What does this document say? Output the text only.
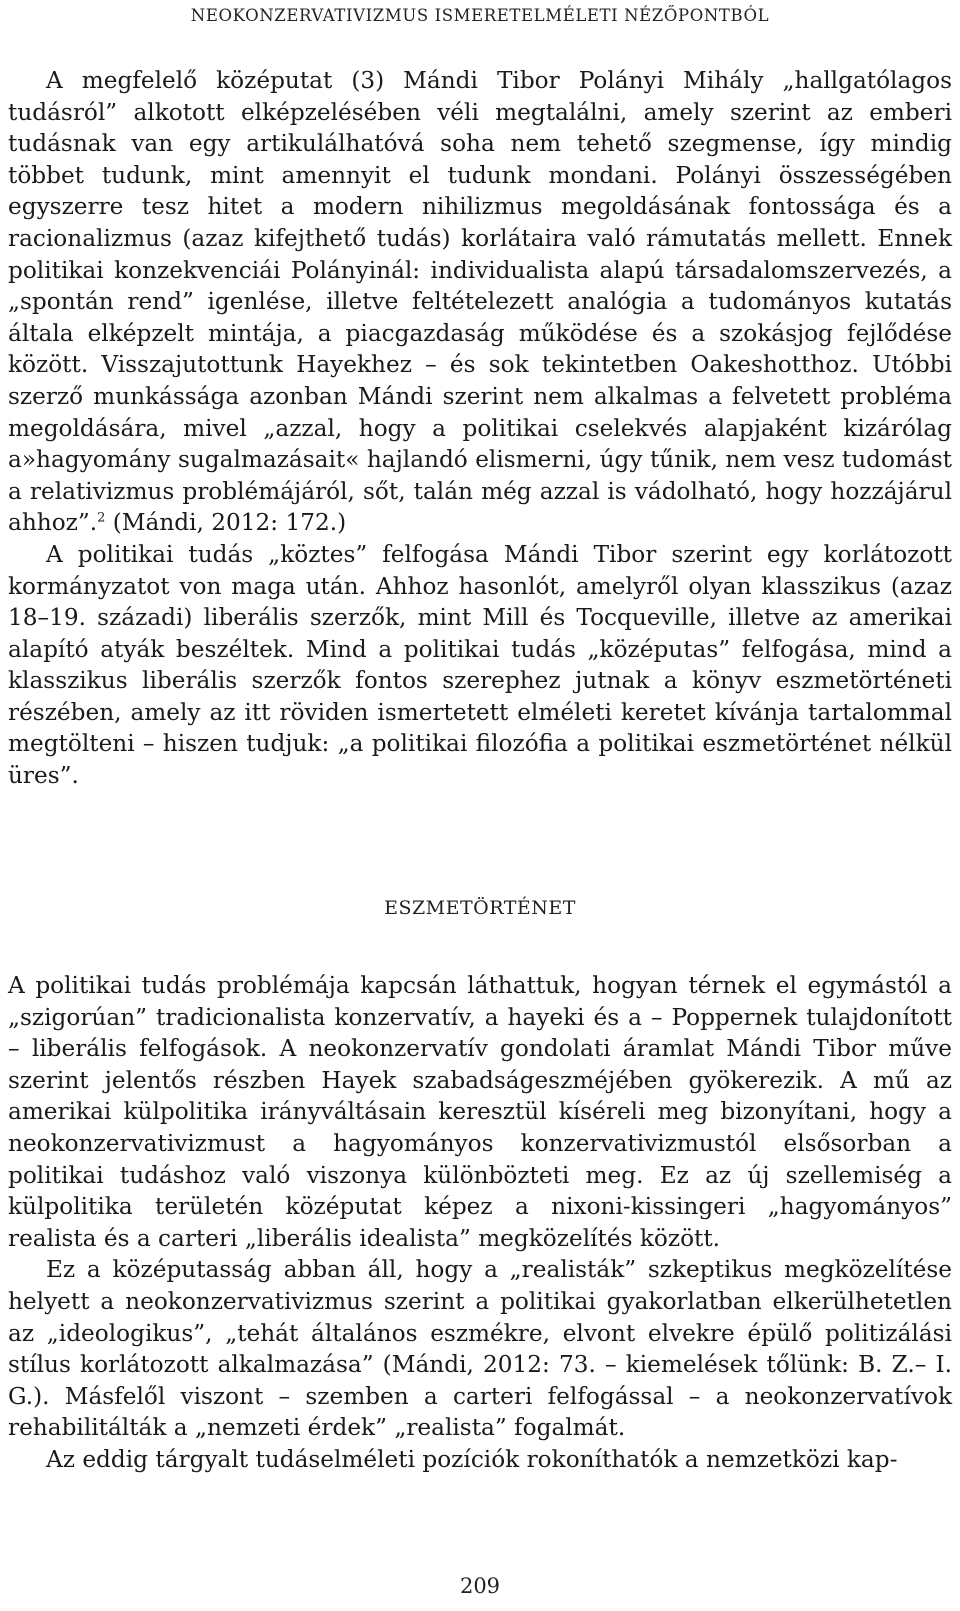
NEOKONZERVATIVIZMUS ISMERETELMÉLETI NÉZŐPONTBÓL

A megfelelő középutat (3) Mándi Tibor Polányi Mihály „hallgatólagos tudásról” alkotott elképzelésében véli megtalálni, amely szerint az emberi tudásnak van egy artikulálhatóvá soha nem tehető szegmense, így mindig többet tudunk, mint amennyit el tudunk mondani. Polányi összességében egyszerre tesz hitet a modern nihilizmus megoldásának fontossága és a racionalizmus (azaz kifejthető tudás) korlátaira való rámutatás mellett. Ennek politikai konzekvenciái Polányinál: individualista alapú társadalomszervezés, a „spontán rend” igenlése, illetve feltételezett analógia a tudományos kutatás általa elképzelt mintája, a piacgazdaság működése és a szokásjog fejlődése között. Visszajutottunk Hayekhez – és sok tekintetben Oakeshotthoz. Utóbbi szerző munkássága azonban Mándi szerint nem alkalmas a felvetett probléma megoldására, mivel „azzal, hogy a politikai cselekvés alapjaként kizárólag a»hagyomány sugalmazásait« hajlandó elismerni, úgy tűnik, nem vesz tudomást a relativizmus problémájáról, sőt, talán még azzal is vádolható, hogy hozzájárul ahhoz”.$^2$ (Mándi, 2012: 172.)

A politikai tudás „köztes” felfogása Mándi Tibor szerint egy korlátozott kormányzatot von maga után. Ahhoz hasonlót, amelyről olyan klasszikus (azaz 18–19. századi) liberális szerzők, mint Mill és Tocqueville, illetve az amerikai alapító atyák beszéltek. Mind a politikai tudás „középutas” felfogása, mind a klasszikus liberális szerzők fontos szerephez jutnak a könyv eszmetörténeti részében, amely az itt röviden ismertetett elméleti keretet kívánja tartalommal megtölteni – hiszen tudjuk: „a politikai filozófia a politikai eszmetörténet nélkül üres”.

ESZMETÖRTÉNET

A politikai tudás problémája kapcsán láthattuk, hogyan térnek el egymástól a „szigorúan” tradicionalista konzervatív, a hayeki és a – Poppernek tulajdonított – liberális felfogások. A neokonzervatív gondolati áramlat Mándi Tibor műve szerint jelentős részben Hayek szabadságeszméjében gyökerezik. A mű az amerikai külpolitika irányváltásain keresztül kíséreli meg bizonyítani, hogy a neokonzervativizmust a hagyományos konzervativizmustól elsősorban a politikai tudáshoz való viszonya különbözteti meg. Ez az új szellemiség a külpolitika területén középutat képez a nixoni-kissingeri „hagyományos” realista és a carteri „liberális idealista” megközelítés között.

Ez a középutasság abban áll, hogy a „realisták” szkeptikus megközelítése helyett a neokonzervativizmus szerint a politikai gyakorlatban elkerülhetetlen az „ideologikus”, „tehát általános eszmékre, elvont elvekre épülő politizálási stílus korlátozott alkalmazása” (Mándi, 2012: 73. – kiemelések tőlünk: B. Z.– I. G.). Másfelől viszont – szemben a carteri felfogással – a neokonzervatívok rehabilitálták a „nemzeti érdek” „realista” fogalmát.

Az eddig tárgyalt tudáselméleti pozíciók rokoníthatók a nemzetközi kap-

209
